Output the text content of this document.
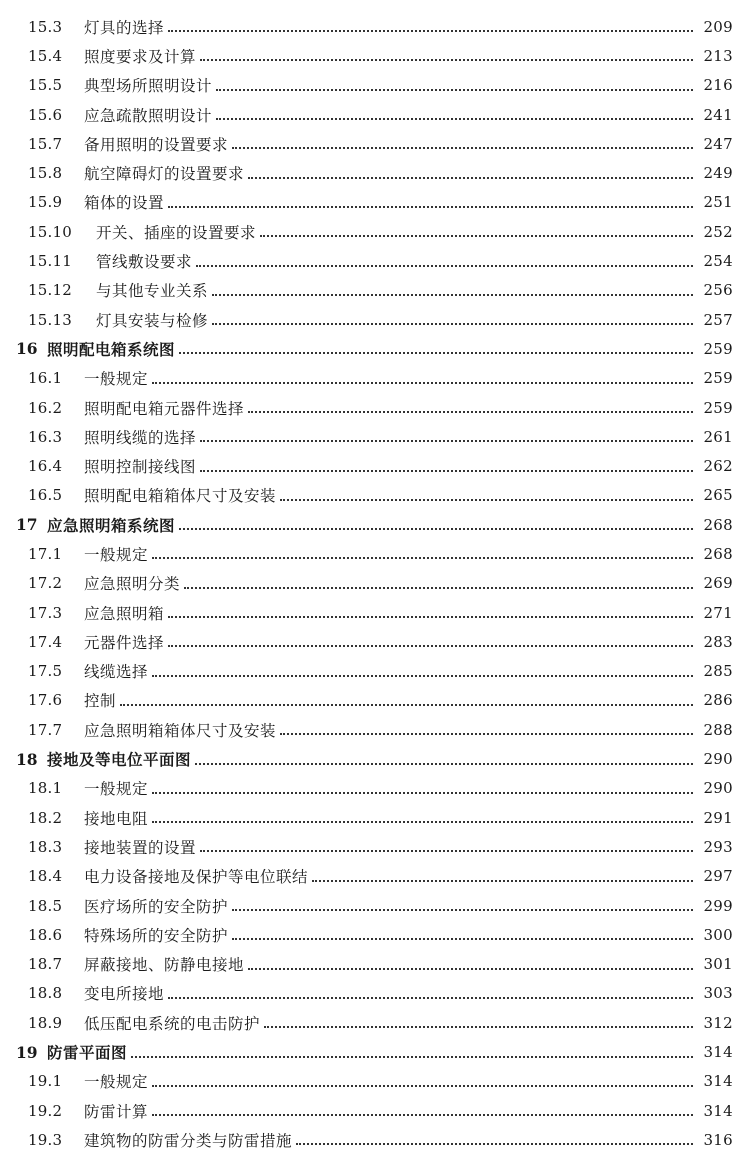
15.3	灯具的选择	209
15.4	照度要求及计算	213
15.5	典型场所照明设计	216
15.6	应急疏散照明设计	241
15.7	备用照明的设置要求	247
15.8	航空障碍灯的设置要求	249
15.9	箱体的设置	251
15.10	开关、插座的设置要求	252
15.11	管线敷设要求	254
15.12	与其他专业关系	256
15.13	灯具安装与检修	257
16 照明配电箱系统图	259
16.1	一般规定	259
16.2	照明配电箱元器件选择	259
16.3	照明线缆的选择	261
16.4	照明控制接线图	262
16.5	照明配电箱箱体尺寸及安装	265
17 应急照明箱系统图	268
17.1	一般规定	268
17.2	应急照明分类	269
17.3	应急照明箱	271
17.4	元器件选择	283
17.5	线缆选择	285
17.6	控制	286
17.7	应急照明箱箱体尺寸及安装	288
18 接地及等电位平面图	290
18.1	一般规定	290
18.2	接地电阻	291
18.3	接地装置的设置	293
18.4	电力设备接地及保护等电位联结	297
18.5	医疗场所的安全防护	299
18.6	特殊场所的安全防护	300
18.7	屏蔽接地、防静电接地	301
18.8	变电所接地	303
18.9	低压配电系统的电击防护	312
19 防雷平面图	314
19.1	一般规定	314
19.2	防雷计算	314
19.3	建筑物的防雷分类与防雷措施	316
